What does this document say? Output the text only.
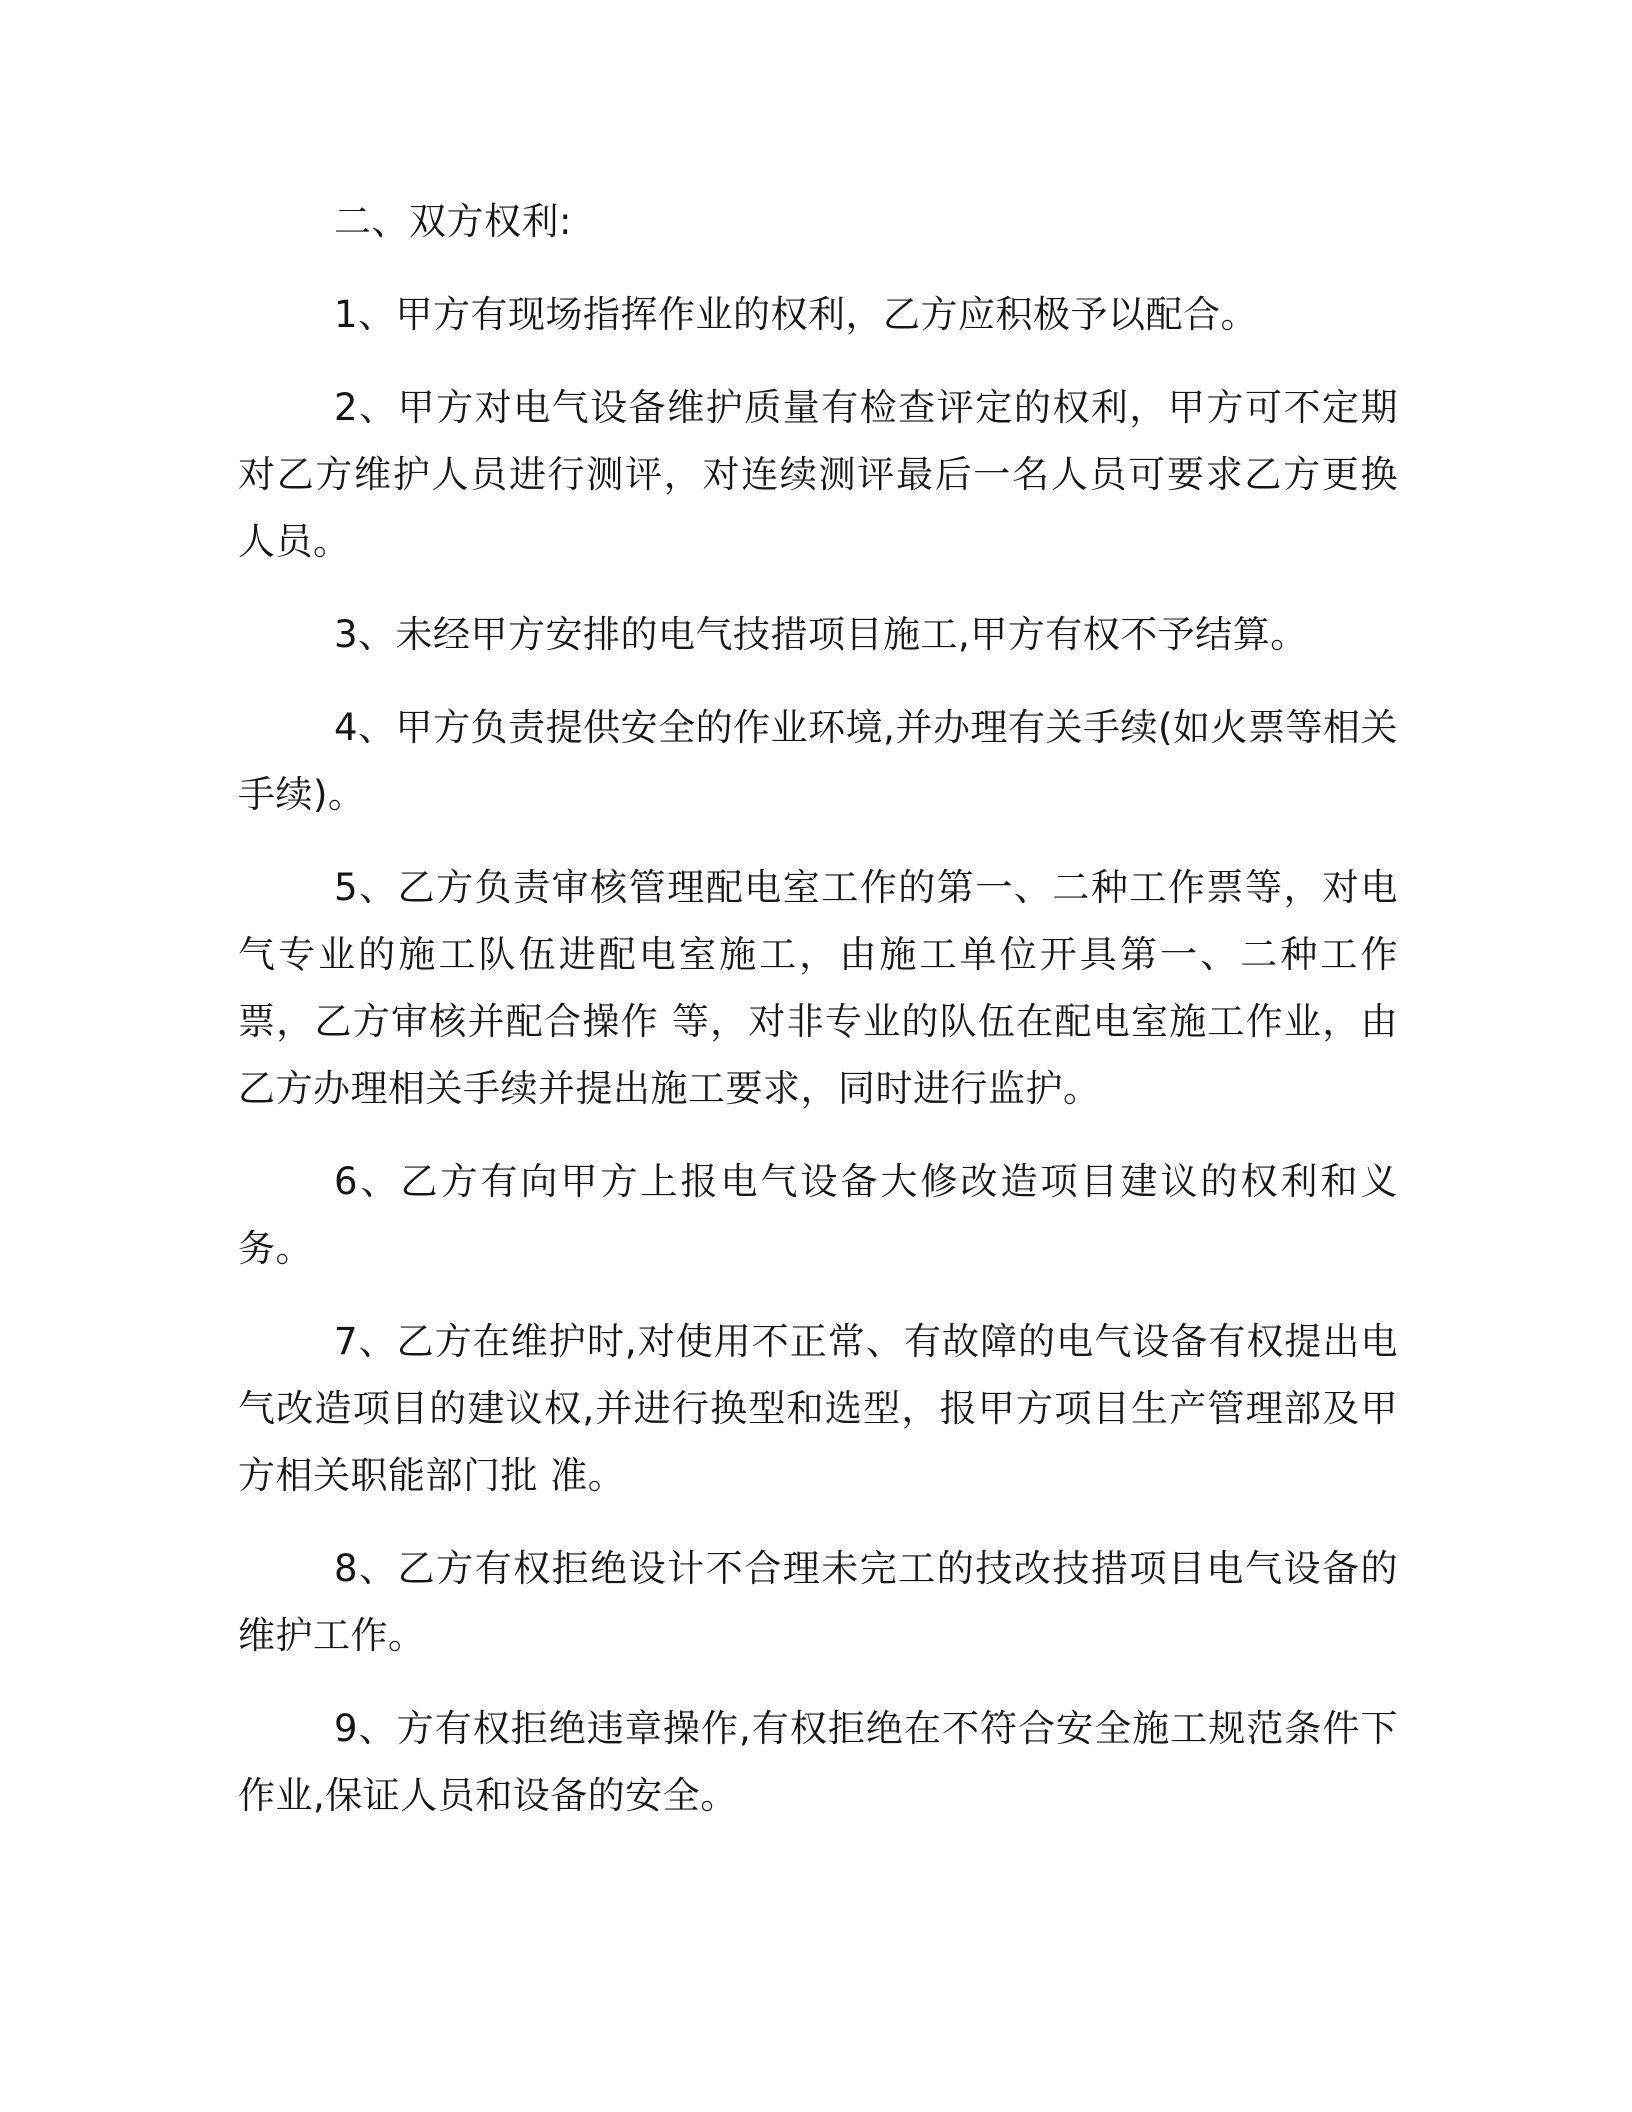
二、双方权利:

1、甲方有现场指挥作业的权利，乙方应积极予以配合。

2、甲方对电气设备维护质量有检查评定的权利，甲方可不定期对乙方维护人员进行测评，对连续测评最后一名人员可要求乙方更换人员。

3、未经甲方安排的电气技措项目施工,甲方有权不予结算。

4、甲方负责提供安全的作业环境,并办理有关手续(如火票等相关手续)。

5、乙方负责审核管理配电室工作的第一、二种工作票等，对电气专业的施工队伍进配电室施工，由施工单位开具第一、二种工作票，乙方审核并配合操作 等，对非专业的队伍在配电室施工作业，由乙方办理相关手续并提出施工要求，同时进行监护。

6、乙方有向甲方上报电气设备大修改造项目建议的权利和义务。

7、乙方在维护时,对使用不正常、有故障的电气设备有权提出电气改造项目的建议权,并进行换型和选型，报甲方项目生产管理部及甲方相关职能部门批 准。

8、乙方有权拒绝设计不合理未完工的技改技措项目电气设备的维护工作。

9、方有权拒绝违章操作,有权拒绝在不符合安全施工规范条件下作业,保证人员和设备的安全。
